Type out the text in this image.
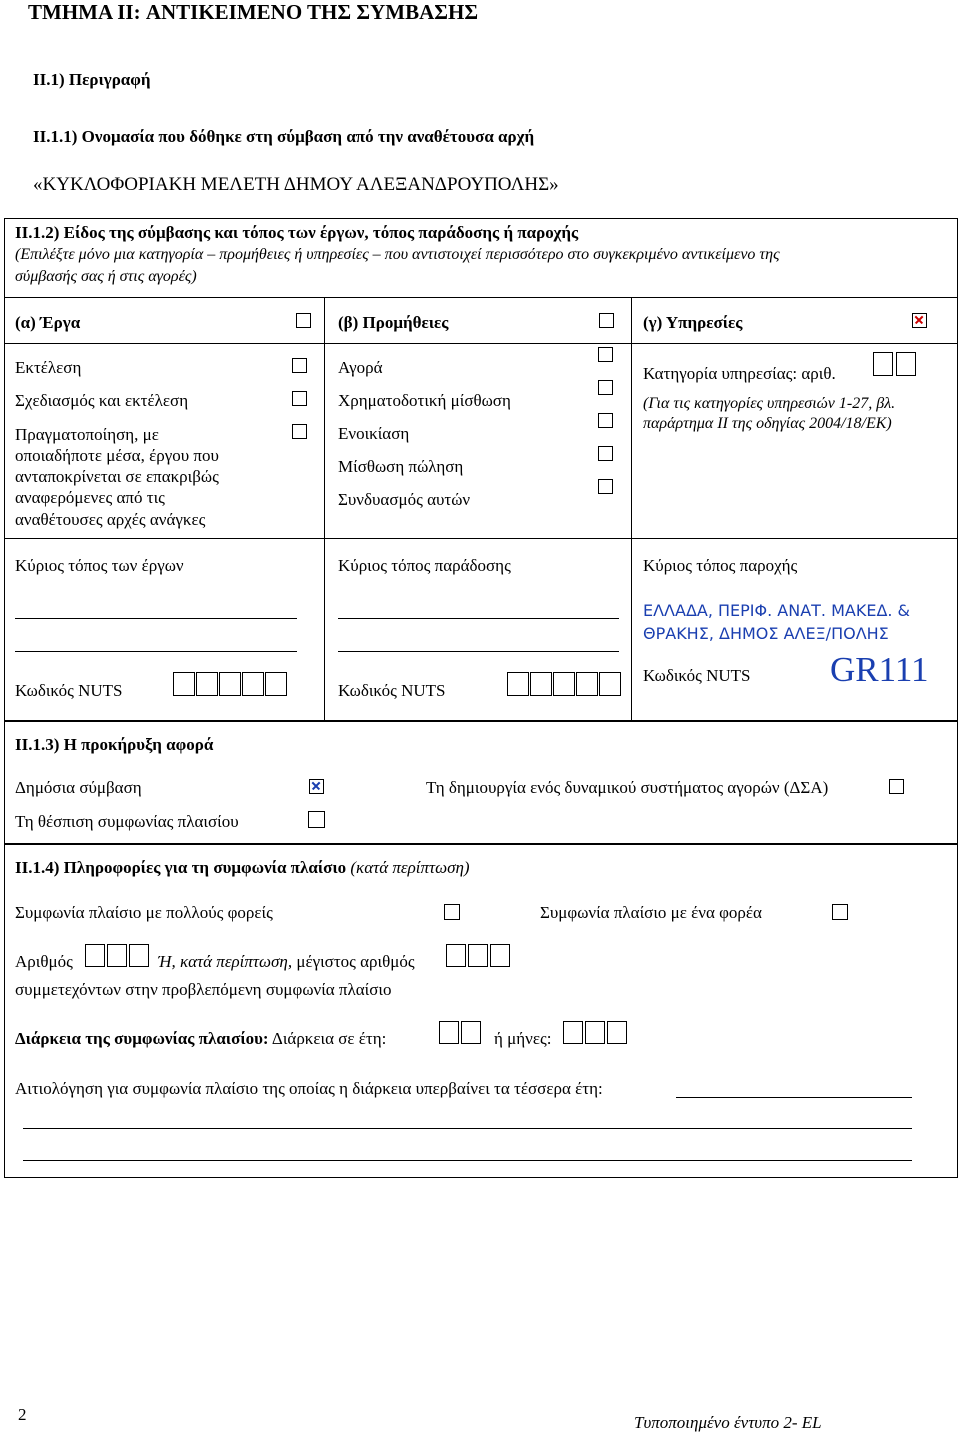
ΤΜΗΜΑ II: ΑΝΤΙΚΕΙΜΕΝΟ ΤΗΣ ΣΥΜΒΑΣΗΣ
II.1) Περιγραφή
II.1.1) Ονομασία που δόθηκε στη σύμβαση από την αναθέτουσα αρχή
«ΚΥΚΛΟΦΟΡΙΑΚΗ ΜΕΛΕΤΗ ΔΗΜΟΥ ΑΛΕΞΑΝΔΡΟΥΠΟΛΗΣ»
II.1.2) Είδος της σύμβασης και τόπος των έργων, τόπος παράδοσης ή παροχής
(Επιλέξτε μόνο μια κατηγορία – προμήθειες ή υπηρεσίες – που αντιστοιχεί περισσότερο στο συγκεκριμένο αντικείμενο της
σύμβασής σας ή στις αγορές)
(α) Έργα	(β) Προμήθειες	(γ) Υπηρεσίες
Εκτέλεση
Σχεδιασμός και εκτέλεση
Πραγματοποίηση, με
οποιαδήποτε μέσα, έργου που
ανταποκρίνεται σε επακριβώς
αναφερόμενες από τις
αναθέτουσες αρχές ανάγκες
Αγορά
Χρηματοδοτική μίσθωση
Ενοικίαση
Μίσθωση πώληση
Συνδυασμός αυτών
Κατηγορία υπηρεσίας: αριθ.
(Για τις κατηγορίες υπηρεσιών 1-27, βλ.
παράρτημα ΙΙ της οδηγίας 2004/18/ΕΚ)
Κύριος τόπος των έργων	Κύριος τόπος παράδοσης	Κύριος τόπος παροχής
ΕΛΛΑΔΑ, ΠΕΡΙΦ. ΑΝΑΤ. ΜΑΚΕΔ. &
ΘΡΑΚΗΣ, ΔΗΜΟΣ ΑΛΕΞ/ΠΟΛΗΣ
Κωδικός NUTS	Κωδικός NUTS
Κωδικός NUTS GR111
II.1.3) Η προκήρυξη αφορά
Δημόσια σύμβαση	Τη δημιουργία ενός δυναμικού συστήματος αγορών (ΔΣΑ)
Τη θέσπιση συμφωνίας πλαισίου
II.1.4) Πληροφορίες για τη συμφωνία πλαίσιο (κατά περίπτωση)
Συμφωνία πλαίσιο με πολλούς φορείς	Συμφωνία πλαίσιο με ένα φορέα
Αριθμός	Ή, κατά περίπτωση, μέγιστος αριθμός
συμμετεχόντων στην προβλεπόμενη συμφωνία πλαίσιο
Διάρκεια της συμφωνίας πλαισίου: Διάρκεια σε έτη:	ή μήνες:
Αιτιολόγηση για συμφωνία πλαίσιο της οποίας η διάρκεια υπερβαίνει τα τέσσερα έτη:
2	Τυποποιημένο έντυπο 2- EL
